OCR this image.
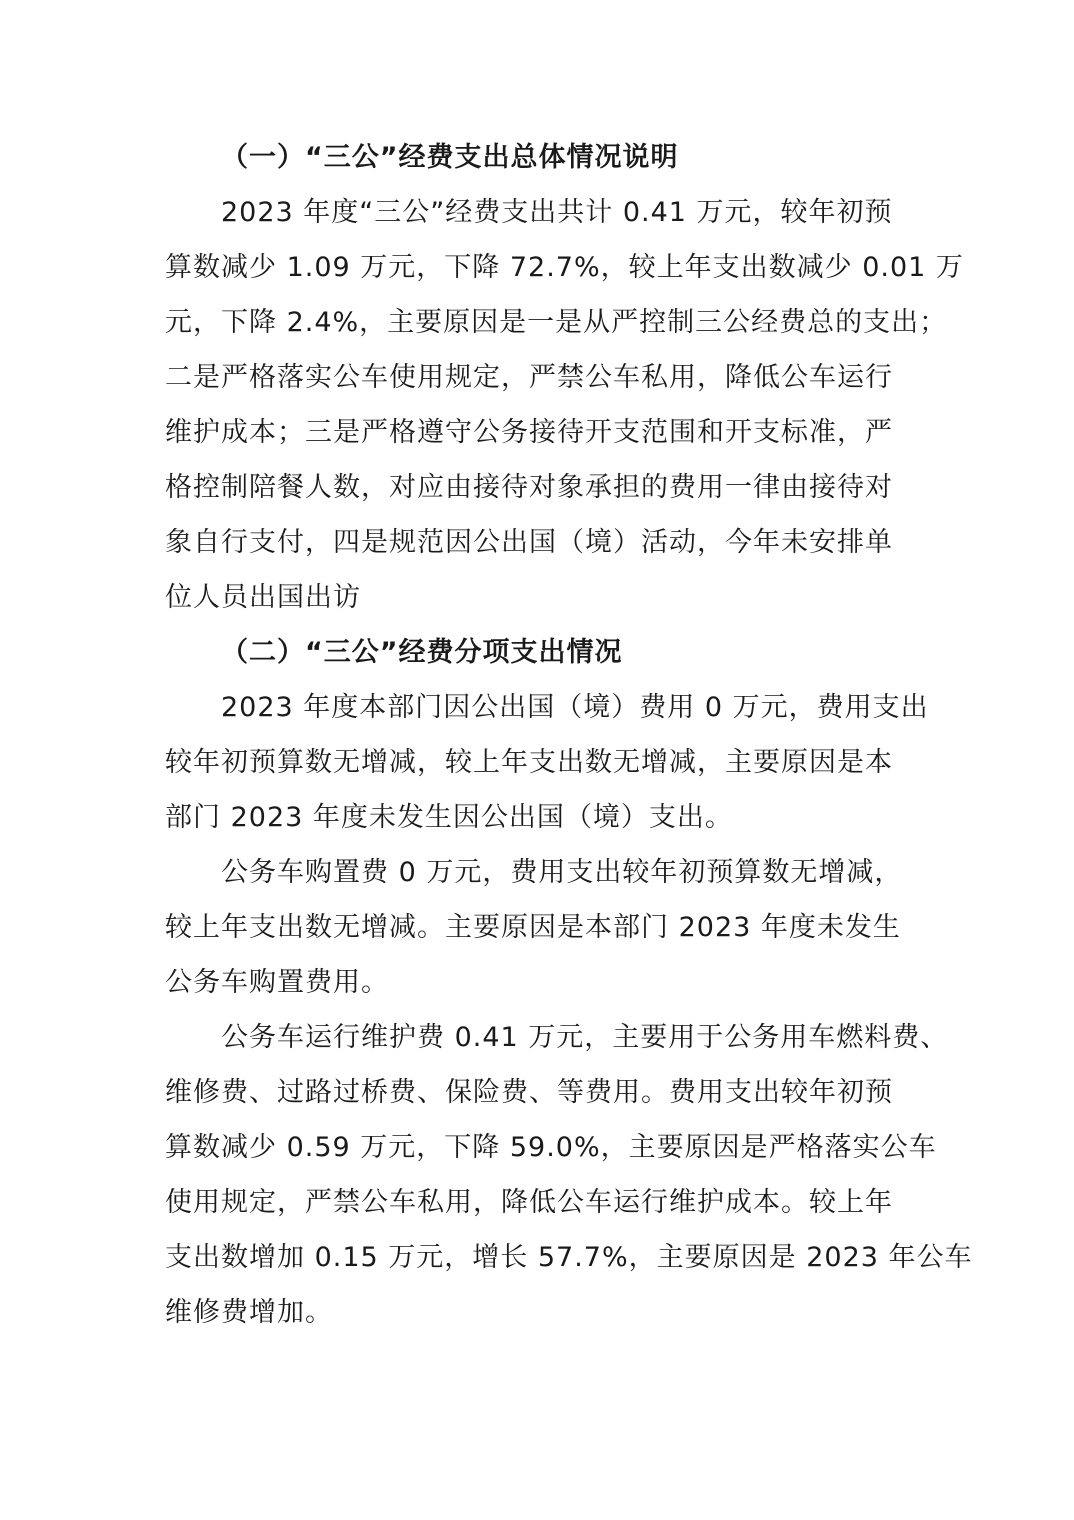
（一）“三公”经费支出总体情况说明
2023 年度“三公”经费支出共计 0.41 万元，较年初预
算数减少 1.09 万元，下降 72.7%，较上年支出数减少 0.01 万
元，下降 2.4%，主要原因是一是从严控制三公经费总的支出；
二是严格落实公车使用规定，严禁公车私用，降低公车运行
维护成本；三是严格遵守公务接待开支范围和开支标准，严
格控制陪餐人数，对应由接待对象承担的费用一律由接待对
象自行支付，四是规范因公出国（境）活动，今年未安排单
位人员出国出访
（二）“三公”经费分项支出情况
2023 年度本部门因公出国（境）费用 0 万元，费用支出
较年初预算数无增减，较上年支出数无增减，主要原因是本
部门 2023 年度未发生因公出国（境）支出。
公务车购置费 0 万元，费用支出较年初预算数无增减，
较上年支出数无增减。主要原因是本部门 2023 年度未发生
公务车购置费用。
公务车运行维护费 0.41 万元，主要用于公务用车燃料费、
维修费、过路过桥费、保险费、等费用。费用支出较年初预
算数减少 0.59 万元，下降 59.0%，主要原因是严格落实公车
使用规定，严禁公车私用，降低公车运行维护成本。较上年
支出数增加 0.15 万元，增长 57.7%，主要原因是 2023 年公车
维修费增加。
